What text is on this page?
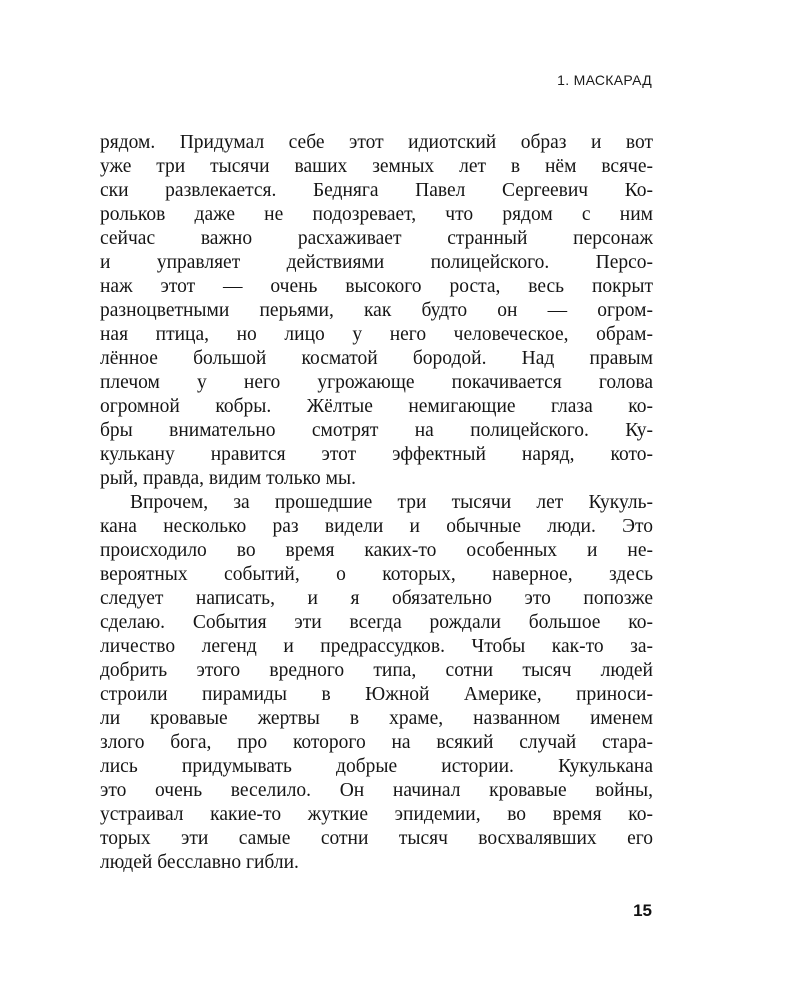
1. МАСКАРАД
рядом. Придумал себе этот идиотский образ и вот
уже три тысячи ваших земных лет в нём всяче-
ски развлекается. Бедняга Павел Сергеевич Ко-
рольков даже не подозревает, что рядом с ним
сейчас важно расхаживает странный персонаж
и управляет действиями полицейского. Персо-
наж этот — очень высокого роста, весь покрыт
разноцветными перьями, как будто он — огром-
ная птица, но лицо у него человеческое, обрам-
лённое большой косматой бородой. Над правым
плечом у него угрожающе покачивается голова
огромной кобры. Жёлтые немигающие глаза ко-
бры внимательно смотрят на полицейского. Ку-
кулькану нравится этот эффектный наряд, кото-
рый, правда, видим только мы.
Впрочем, за прошедшие три тысячи лет Кукуль-
кана несколько раз видели и обычные люди. Это
происходило во время каких-то особенных и не-
вероятных событий, о которых, наверное, здесь
следует написать, и я обязательно это попозже
сделаю. События эти всегда рождали большое ко-
личество легенд и предрассудков. Чтобы как-то за-
добрить этого вредного типа, сотни тысяч людей
строили пирамиды в Южной Америке, приноси-
ли кровавые жертвы в храме, названном именем
злого бога, про которого на всякий случай стара-
лись придумывать добрые истории. Кукулькана
это очень веселило. Он начинал кровавые войны,
устраивал какие-то жуткие эпидемии, во время ко-
торых эти самые сотни тысяч восхвалявших его
людей бесславно гибли.
15
